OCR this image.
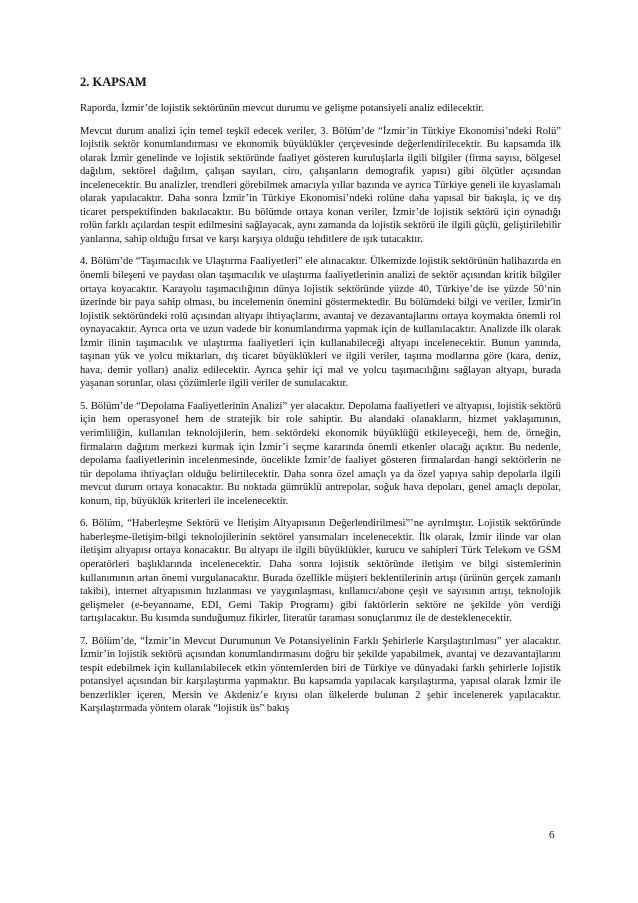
2. KAPSAM

Raporda, İzmir’de lojistik sektörünün mevcut durumu ve gelişme potansiyeli analiz edilecektir.

Mevcut durum analizi için temel teşkil edecek veriler, 3. Bölüm’de “İzmir’in Türkiye Ekonomisi’ndeki Rolü” lojistik sektör konumlandırması ve ekonomik büyüklükler çerçevesinde değerlendirilecektir. Bu kapsamda ilk olarak İzmir genelinde ve lojistik sektöründe faaliyet gösteren kuruluşlarla ilgili bilgiler (firma sayısı, bölgesel dağılım, sektörel dağılım, çalışan sayıları, ciro, çalışanların demografik yapısı) gibi ölçütler açısından incelenecektir. Bu analizler, trendleri görebilmek amacıyla yıllar bazında ve ayrıca Türkiye geneli ile kıyaslamalı olarak yapılacaktır. Daha sonra İzmir’in Türkiye Ekonomisi’ndeki rolüne daha yapısal bir bakışla, iç ve dış ticaret perspektifinden bakılacaktır. Bu bölümde ortaya konan veriler, İzmir’de lojistik sektörü için oynadığı rolün farklı açılardan tespit edilmesini sağlayacak, aynı zamanda da lojistik sektörü ile ilgili güçlü, geliştirilebilir yanlarına, sahip olduğu fırsat ve karşı karşıya olduğu tehditlere de ışık tutacaktır.

4. Bölüm’de “Taşımacılık ve Ulaştırma Faaliyetleri” ele alınacaktır. Ülkemizde lojistik sektörünün halihazırda en önemli bileşeni ve paydası olan taşımacılık ve ulaştırma faaliyetlerinin analizi de sektör açısından kritik bilgiler ortaya koyacaktır. Karayolu taşımacılığının dünya lojistik sektöründe yüzde 40, Türkiye’de ise yüzde 50’nin üzerinde bir paya sahip olması, bu incelemenin önemini göstermektedir. Bu bölümdeki bilgi ve veriler, İzmir'in lojistik sektöründeki rolü açısından altyapı ihtiyaçlarını, avantaj ve dezavantajlarını ortaya koymakta önemli rol oynayacaktır. Ayrıca orta ve uzun vadede bir konumlandırma yapmak için de kullanılacaktır. Analizde ilk olarak İzmir ilinin taşımacılık ve ulaştırma faaliyetleri için kullanabileceği altyapı incelenecektir. Bunun yanında, taşınan yük ve yolcu miktarları, dış ticaret büyüklükleri ve ilgili veriler, taşıma modlarına göre (kara, deniz, hava, demir yolları) analiz edilecektir. Ayrıca şehir içi mal ve yolcu taşımacılığını sağlayan altyapı, burada yaşanan sorunlar, olası çözümlerle ilgili veriler de sunulacaktır.

5. Bölüm’de “Depolama Faaliyetlerinin Analizi” yer alacaktır. Depolama faaliyetleri ve altyapısı, lojistik sektörü için hem operasyonel hem de stratejik bir role sahiptir. Bu alandaki olanakların, hizmet yaklaşımının, verimliliğin, kullanılan teknolojilerin, hem sektördeki ekonomik büyüklüğü etkileyeceği, hem de, örneğin, firmaların dağıtım merkezi kurmak için İzmir’i seçme kararında önemli etkenler olacağı açıktır. Bu nedenle, depolama faaliyetlerinin incelenmesinde, öncelikle İzmir’de faaliyet gösteren firmalardan hangi sektörlerin ne tür depolama ihtiyaçları olduğu belirtilecektir. Daha sonra özel amaçlı ya da özel yapıya sahip depolarla ilgili mevcut durum ortaya konacaktır. Bu noktada gümrüklü antrepolar, soğuk hava depoları, genel amaçlı depolar, konum, tip, büyüklük kriterleri ile incelenecektir.

6. Bölüm, “Haberleşme Sektörü ve İletişim Altyapısının Değerlendirilmesi”’ne ayrılmıştır. Lojistik sektöründe haberleşme-iletişim-bilgi teknolojilerinin sektörel yansımaları incelenecektir. İlk olarak, İzmir ilinde var olan iletişim altyapısı ortaya konacaktır. Bu altyapı ile ilgili büyüklükler, kurucu ve sahipleri Türk Telekom ve GSM operatörleri başlıklarında incelenecektir. Daha sonra lojistik sektöründe iletişim ve bilgi sistemlerinin kullanımının artan önemi vurgulanacaktır. Burada özellikle müşteri beklentilerinin artışı (ürünün gerçek zamanlı takibi), internet altyapısının hızlanması ve yaygınlaşması, kullanıcı/abone çeşit ve sayısının artışı, teknolojik gelişmeler (e-beyanname, EDI, Gemi Takip Programı) gibi faktörlerin sektöre ne şekilde yön verdiği tartışılacaktır. Bu kısımda sunduğumuz fikirler, literatür taraması sonuçlarımız ile de desteklenecektir.

7. Bölüm’de, “İzmir’in Mevcut Durumunun Ve Potansiyelinin Farklı Şehirlerle Karşılaştırılması” yer alacaktır. İzmir’in lojistik sektörü açısından konumlandırmasını doğru bir şekilde yapabilmek, avantaj ve dezavantajlarını tespit edebilmek için kullanılabilecek etkin yöntemlerden biri de Türkiye ve dünyadaki farklı şehirlerle lojistik potansiyel açısından bir karşılaştırma yapmaktır. Bu kapsamda yapılacak karşılaştırma, yapısal olarak İzmir ile benzerlikler içeren, Mersin ve Akdeniz’e kıyısı olan ülkelerde bulunan 2 şehir incelenerek yapılacaktır. Karşılaştırmada yöntem olarak “lojistik üs” bakış

6
